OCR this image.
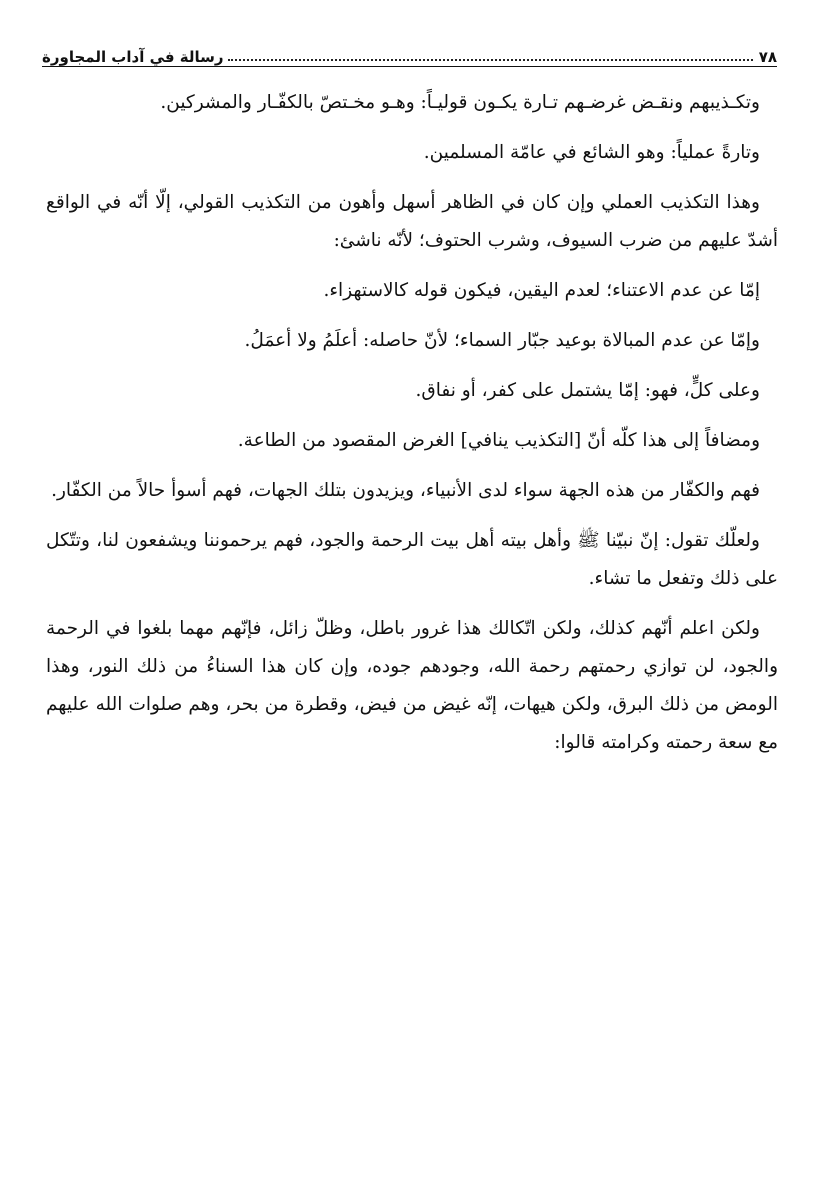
٧٨
رسالة في آداب المجاورة

وتكـذيبهم ونقـض غرضـهم تـارة يكـون قوليـاً: وهـو مخـتصّ بالكفّـار والمشركين.

وتارةً عملياً: وهو الشائع في عامّة المسلمين.

وهذا التكذيب العملي وإن كان في الظاهر أسهل وأهون من التكذيب القولي، إلّا أنّه في الواقع أشدّ عليهم من ضرب السيوف، وشرب الحتوف؛ لأنّه ناشئ:

إمّا عن عدم الاعتناء؛ لعدم اليقين، فيكون قوله كالاستهزاء.

وإمّا عن عدم المبالاة بوعيد جبّار السماء؛ لأنّ حاصله: أعلَمُ ولا أعمَلُ.

وعلى كلٍّ، فهو: إمّا يشتمل على كفر، أو نفاق.

ومضافاً إلى هذا كلّه أنّ [التكذيب ينافي] الغرض المقصود من الطاعة.

فهم والكفّار من هذه الجهة سواء لدى الأنبياء، ويزيدون بتلك الجهات، فهم أسوأ حالاً من الكفّار.

ولعلّك تقول: إنّ نبيّنا ﷺ وأهل بيته أهل بيت الرحمة والجود، فهم يرحموننا ويشفعون لنا، وتتّكل على ذلك وتفعل ما تشاء.

ولكن اعلم أنّهم كذلك، ولكن اتّكالك هذا غرور باطل، وظلّ زائل، فإنّهم مهما بلغوا في الرحمة والجود، لن توازي رحمتهم رحمة الله، وجودهم جوده، وإن كان هذا السناءُ من ذلك النور، وهذا الومض من ذلك البرق، ولكن هيهات، إنّه غيض من فيض، وقطرة من بحر، وهم صلوات الله عليهم مع سعة رحمته وكرامته قالوا:
